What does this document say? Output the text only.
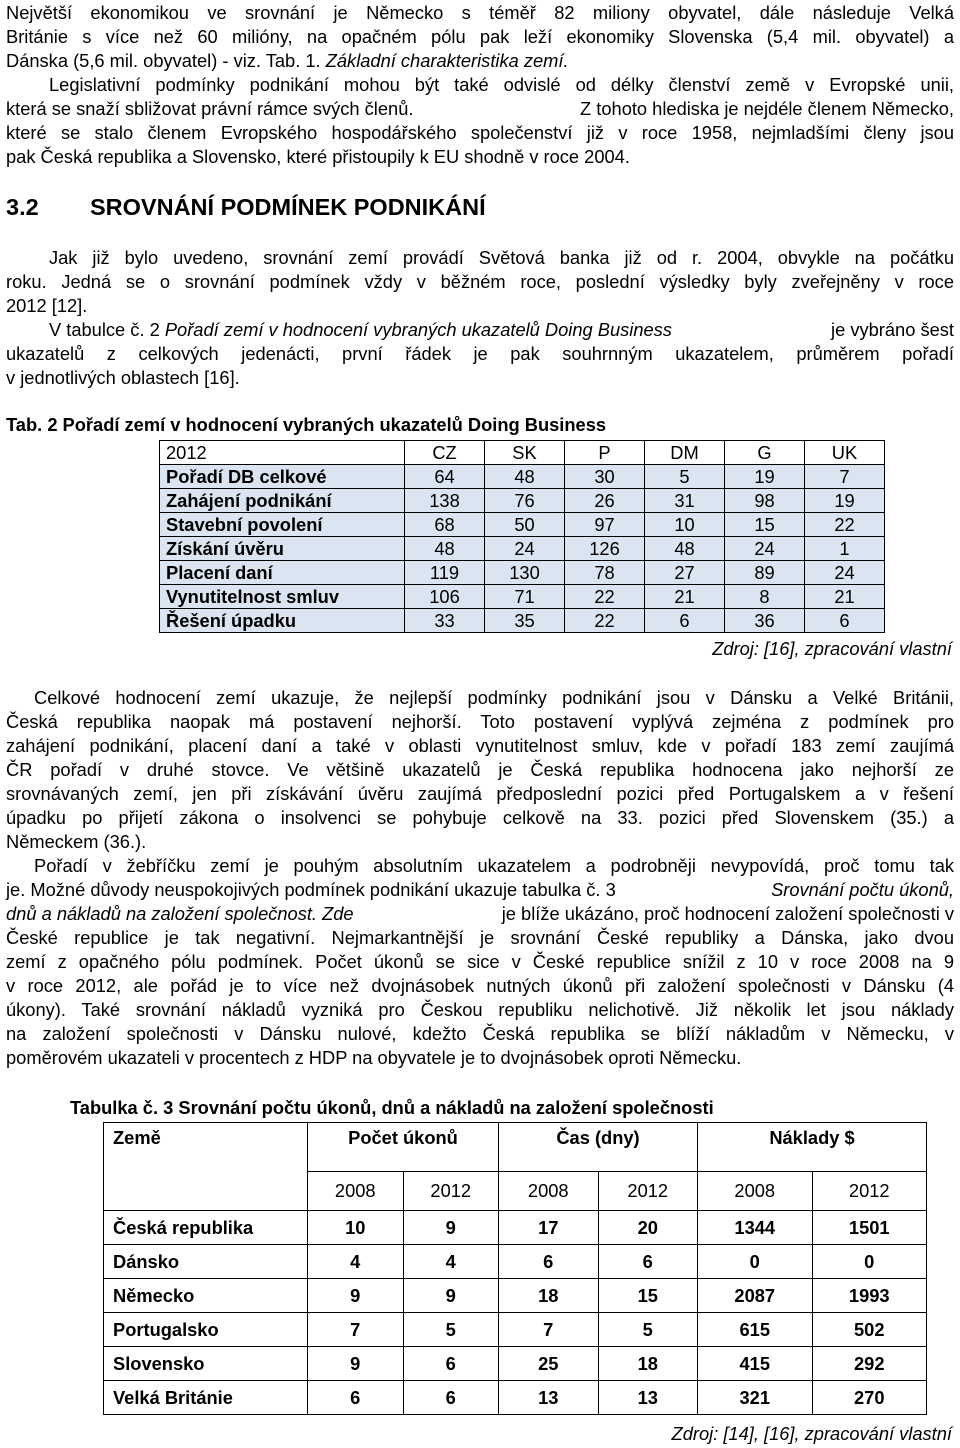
Největší ekonomikou ve srovnání je Německo s téměř 82 miliony obyvatel, dále následuje Velká
Británie s více než 60 milióny, na opačném pólu pak leží ekonomiky Slovenska (5,4 mil. obyvatel) a
Dánska (5,6 mil. obyvatel) - viz. Tab. 1. Základní charakteristika zemí.
Legislativní podmínky podnikání mohou být také odvislé od délky členství země v Evropské unii,
která se snaží sbližovat právní rámce svých členů.	Z tohoto hlediska je nejdéle členem Německo,
které se stalo členem Evropského hospodářského společenství již v roce 1958, nejmladšími členy jsou
pak Česká republika a Slovensko, které přistoupily k EU shodně v roce 2004.
3.2 SROVNÁNÍ PODMÍNEK PODNIKÁNÍ
Jak již bylo uvedeno, srovnání zemí provádí Světová banka již od r. 2004, obvykle na počátku
roku. Jedná se o srovnání podmínek vždy v běžném roce, poslední výsledky byly zveřejněny v roce
2012 [12].
V tabulce č. 2 Pořadí zemí v hodnocení vybraných ukazatelů Doing Business	je vybráno šest
ukazatelů z celkových jedenácti, první řádek je pak souhrnným ukazatelem, průměrem pořadí
v jednotlivých oblastech [16].
Tab. 2 Pořadí zemí v hodnocení vybraných ukazatelů Doing Business
2012	CZ	SK	P	DM	G	UK
Pořadí DB celkové	64	48	30	5	19	7
Zahájení podnikání	138	76	26	31	98	19
Stavební povolení	68	50	97	10	15	22
Získání úvěru	48	24	126	48	24	1
Placení daní	119	130	78	27	89	24
Vynutitelnost smluv	106	71	22	21	8	21
Řešení úpadku	33	35	22	6	36	6
Zdroj: [16], zpracování vlastní
Celkové hodnocení zemí ukazuje, že nejlepší podmínky podnikání jsou v Dánsku a Velké Británii,
Česká republika naopak má postavení nejhorší. Toto postavení vyplývá zejména z podmínek pro
zahájení podnikání, placení daní a také v oblasti vynutitelnost smluv, kde v pořadí 183 zemí zaujímá
ČR pořadí v druhé stovce. Ve většině ukazatelů je Česká republika hodnocena jako nejhorší ze
srovnávaných zemí, jen při získávání úvěru zaujímá předposlední pozici před Portugalskem a v řešení
úpadku po přijetí zákona o insolvenci se pohybuje celkově na 33. pozici před Slovenskem (35.) a
Německem (36.).
Pořadí v žebříčku zemí je pouhým absolutním ukazatelem a podrobněji nevypovídá, proč tomu tak
je. Možné důvody neuspokojivých podmínek podnikání ukazuje tabulka č. 3	Srovnání počtu úkonů,
dnů a nákladů na založení společnost. Zde	je blíže ukázáno, proč hodnocení založení společnosti v
České republice je tak negativní. Nejmarkantnější je srovnání České republiky a Dánska, jako dvou
zemí z opačného pólu podmínek. Počet úkonů se sice v České republice snížil z 10 v roce 2008 na 9
v roce 2012, ale pořád je to více než dvojnásobek nutných úkonů při založení společnosti v Dánsku (4
úkony). Také srovnání nákladů vyzniká pro Českou republiku nelichotivě. Již několik let jsou náklady
na založení společnosti v Dánsku nulové, kdežto Česká republika se blíží nákladům v Německu, v
poměrovém ukazateli v procentech z HDP na obyvatele je to dvojnásobek oproti Německu.
Tabulka č. 3 Srovnání počtu úkonů, dnů a nákladů na založení společnosti
Země	Počet úkonů		Čas (dny)		Náklady $	
	2008	2012	2008	2012	2008	2012
Česká republika	10	9	17	20	1344	1501
Dánsko	4	4	6	6	0	0
Německo	9	9	18	15	2087	1993
Portugalsko	7	5	7	5	615	502
Slovensko	9	6	25	18	415	292
Velká Británie	6	6	13	13	321	270
Zdroj: [14], [16], zpracování vlastní
